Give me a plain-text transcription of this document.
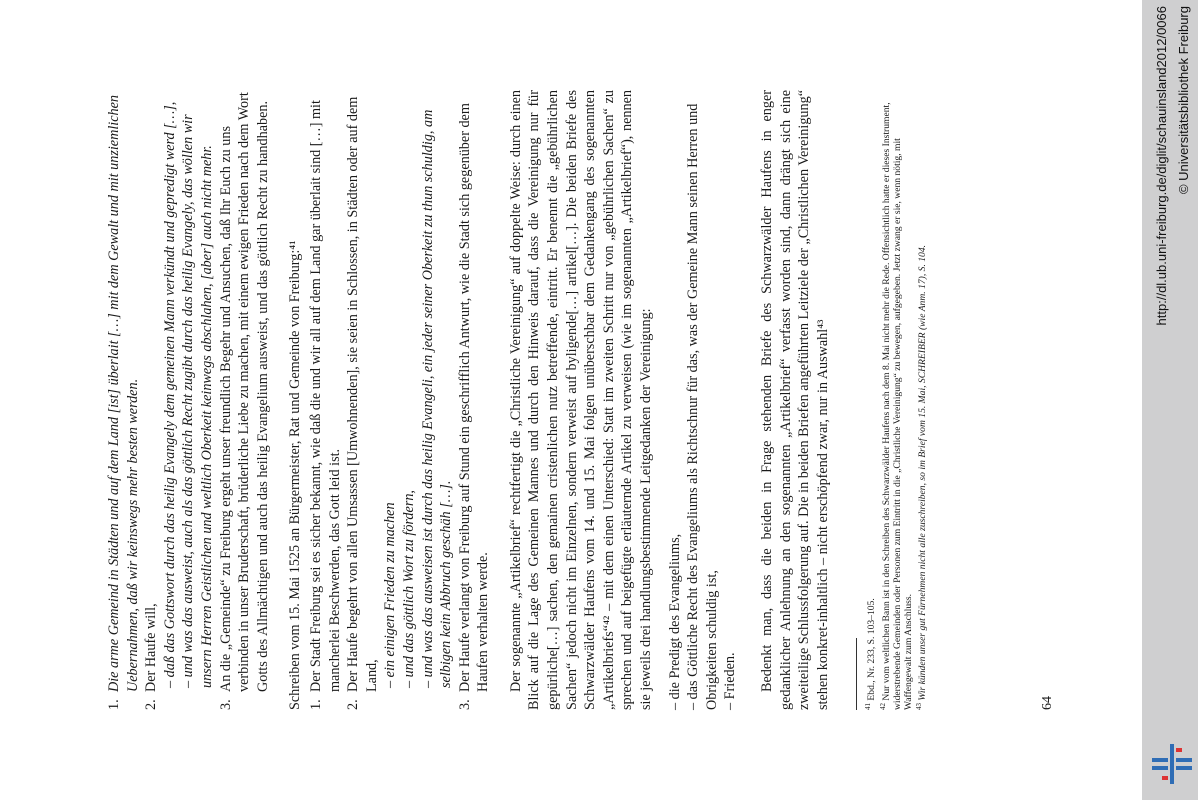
1.
Die arme Gemeind in Städten und auf dem Land [ist] überlait […] mit dem Gewalt und mit unziemlichen Uebernahmen, daß wir keinswegs mehr besten werden.
2.
Der Haufe will, – daß das Gottswort durch das heilig Evangely dem gemeinen Mann verkündt und gepredigt werd […], – und was das ausweist, auch als das göttlich Recht zugibt durch das heilig Evangely, das wöllen wir unsern Herren Geistlichen und weltlich Oberkeit keinwegs abschlahen, [aber] auch nicht mehr.
3.
An die „Gemeinde“ zu Freiburg ergeht unser freundlich Begehr und Ansuchen, daß Ihr Euch zu uns verbinden in unser Bruderschaft, brüderliche Liebe zu machen, mit einem ewigen Frieden nach dem Wort Gotts des Allmächtigen und auch das heilig Evangelium ausweist, und das göttlich Recht zu handhaben. Schreiben vom 15. Mai 1525 an Bürgermeister, Rat und Gemeinde von Freiburg:⁴¹ 1.
Der Stadt Freiburg sei es sicher bekannt, wie daß die und wir all auf dem Land gar überlait sind […] mit mancherlei Beschwerden, das Gott leid ist.
2.
Der Haufe begehrt von allen Umsassen [Umwohnenden], sie seien in Schlossen, in Städten oder auf dem Land, – ein einigen Frieden zu machen – und das göttlich Wort zu fördern, – und was das ausweisen ist durch das heilig Evangeli, ein jeder seiner Oberkeit zu thun schuldig, am selbigen kein Abbruch geschäh […].
3.
Der Haufe verlangt von Freiburg auf Stund ein geschrifflich Antwurt, wie die Stadt sich gegenüber dem Haufen verhalten werde. Der sogenannte „Artikelbrief“ rechtfertigt die „Christliche Vereinigung“ auf doppelte Weise: durch einen Blick auf die Lage des Gemeinen Mannes und durch den Hinweis darauf, dass die Vereinigung nur für gepürliche[…] sachen, den gemainen cristenlichen nutz betreffende, eintritt. Er benennt die „gebührlichen Sachen“ jedoch nicht im Einzelnen, sondern verweist auf byligende[…] artikel[…]. Die beiden Briefe des Schwarzwälder Haufens vom 14. und 15. Mai folgen unüberschbar dem Gedankengang des sogenannten „Artikelbriefs“⁴² – mit dem einen Unterschied: Statt im zweiten Schritt nur von „gebührlichen Sachen“ zu sprechen und auf beigefügte erläuternde Artikel zu verweisen (wie im sogenannten „Artikelbrief“), nennen sie jeweils drei handlungsbestimmende Leitgedanken der Vereinigung: – die Predigt des Evangeliums, – das Göttliche Recht des Evangeliums als Richtschnur für das, was der Gemeine Mann seinen Herren und Obrigkeiten schuldig ist, – Frieden. Bedenkt man, dass die beiden in Frage stehenden Briefe des Schwarzwälder Haufens in enger gedanklicher Anlehnung an den sogenannten „Artikelbrief“ verfasst worden sind, dann drängt sich eine zweiteilige Schlussfolgerung auf. Die in beiden Briefen angeführten Leitziele der „Christlichen Vereinigung“ stehen konkret-inhaltlich – nicht erschöpfend zwar, nur in Auswahl⁴³	$^{41}$ Ebd., Nr. 233, S. 103–105.
$^{42}$ Nur vom weltlichen Bann ist in den Schreiben des Schwarzwälder Haufens nach dem 8. Mai nicht mehr die Rede. Offensichtlich hatte er dieses Instrument, widerstrebende Gemeinden oder Personen zum Eintritt in die „Christliche Vereinigung“ zu bewegen, aufgegeben. Jetzt zwang er sie, wenn nötig, mit Waffengewalt zum Anschluss. $^{43}$ Wir künden unser gut Fürnehmen nicht alle zuschreiben, so im Brief vom 15. Mai, SCHREIBER (wie Anm. 17), S. 104.
64
http://dl.ub.uni-freiburg.de/diglit/schauinsland2012/0066 © Universitätsbibliothek Freiburg
